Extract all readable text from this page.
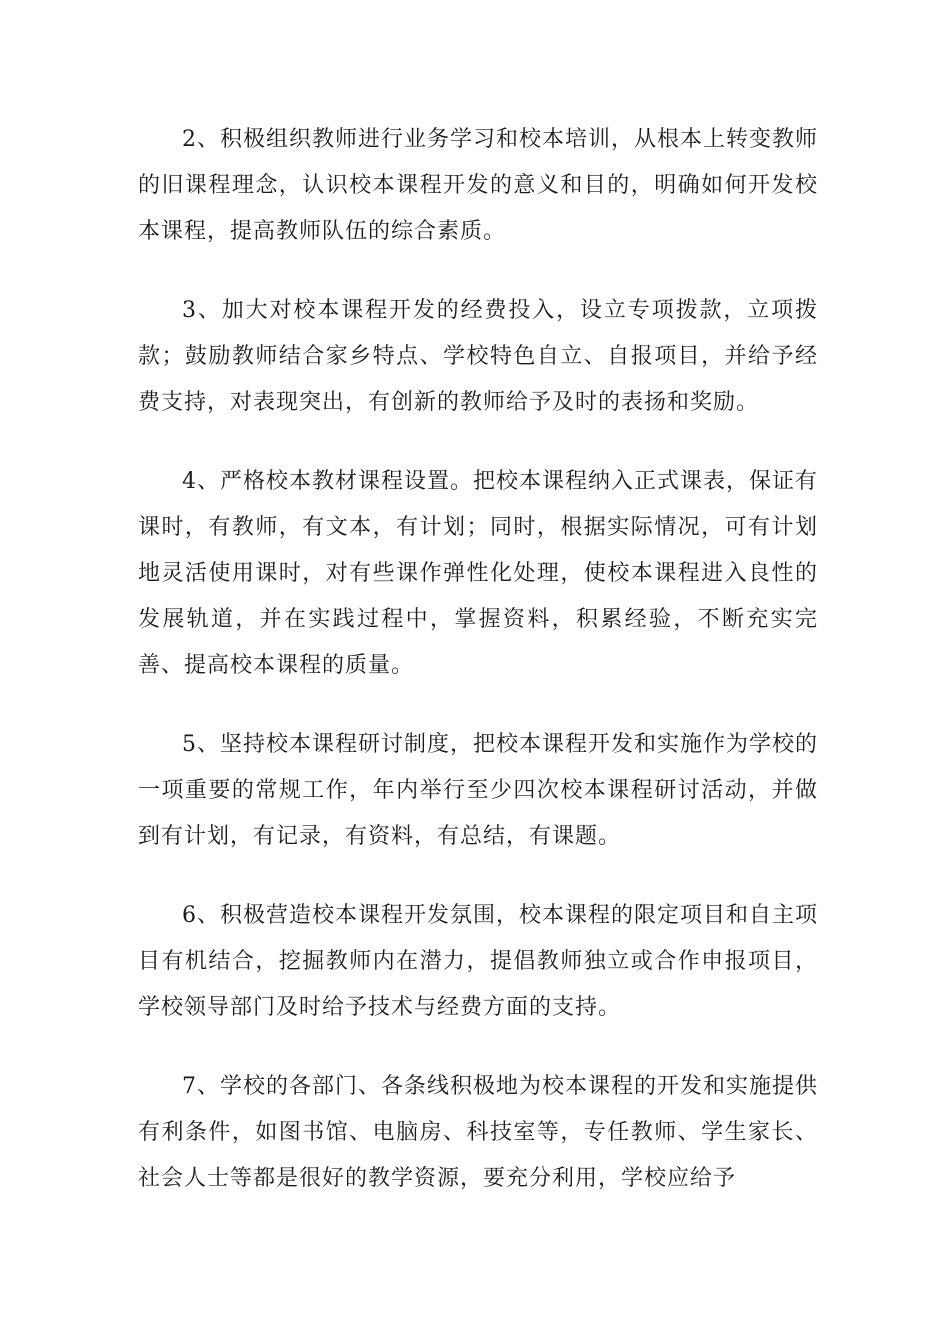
2、积极组织教师进行业务学习和校本培训，从根本上转变教师的旧课程理念，认识校本课程开发的意义和目的，明确如何开发校本课程，提高教师队伍的综合素质。

3、加大对校本课程开发的经费投入，设立专项拨款，立项拨款；鼓励教师结合家乡特点、学校特色自立、自报项目，并给予经费支持，对表现突出，有创新的教师给予及时的表扬和奖励。

4、严格校本教材课程设置。把校本课程纳入正式课表，保证有课时，有教师，有文本，有计划；同时，根据实际情况，可有计划地灵活使用课时，对有些课作弹性化处理，使校本课程进入良性的发展轨道，并在实践过程中，掌握资料，积累经验，不断充实完善、提高校本课程的质量。

5、坚持校本课程研讨制度，把校本课程开发和实施作为学校的一项重要的常规工作，年内举行至少四次校本课程研讨活动，并做到有计划，有记录，有资料，有总结，有课题。

6、积极营造校本课程开发氛围，校本课程的限定项目和自主项目有机结合，挖掘教师内在潜力，提倡教师独立或合作申报项目，学校领导部门及时给予技术与经费方面的支持。

7、学校的各部门、各条线积极地为校本课程的开发和实施提供有利条件，如图书馆、电脑房、科技室等，专任教师、学生家长、社会人士等都是很好的教学资源，要充分利用，学校应给予
